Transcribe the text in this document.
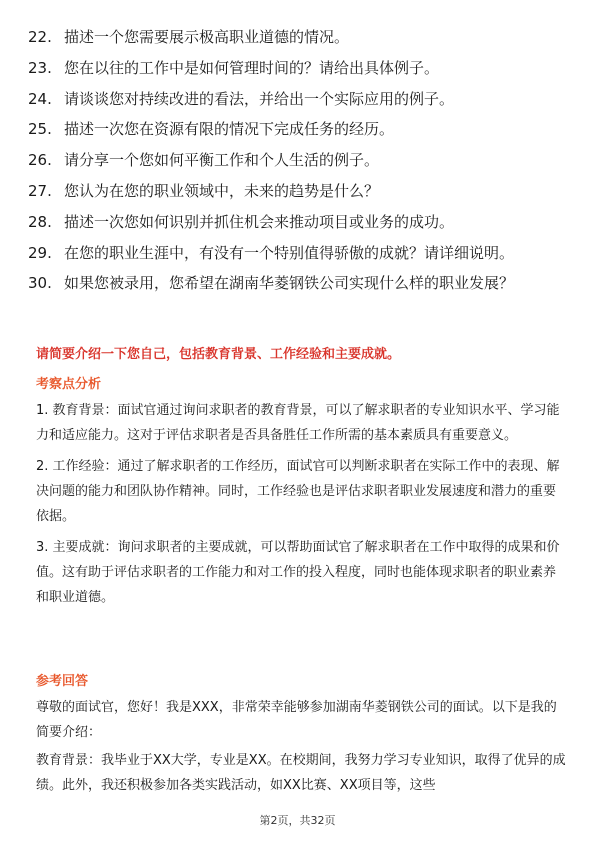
22. 描述一个您需要展示极高职业道德的情况。
23. 您在以往的工作中是如何管理时间的？请给出具体例子。
24. 请谈谈您对持续改进的看法，并给出一个实际应用的例子。
25. 描述一次您在资源有限的情况下完成任务的经历。
26. 请分享一个您如何平衡工作和个人生活的例子。
27. 您认为在您的职业领域中，未来的趋势是什么？
28. 描述一次您如何识别并抓住机会来推动项目或业务的成功。
29. 在您的职业生涯中，有没有一个特别值得骄傲的成就？请详细说明。
30. 如果您被录用，您希望在湖南华菱钢铁公司实现什么样的职业发展？
请简要介绍一下您自己，包括教育背景、工作经验和主要成就。
考察点分析

1. 教育背景：面试官通过询问求职者的教育背景，可以了解求职者的专业知识水平、学习能力和适应能力。这对于评估求职者是否具备胜任工作所需的基本素质具有重要意义。

2. 工作经验：通过了解求职者的工作经历，面试官可以判断求职者在实际工作中的表现、解决问题的能力和团队协作精神。同时，工作经验也是评估求职者职业发展速度和潜力的重要依据。

3. 主要成就：询问求职者的主要成就，可以帮助面试官了解求职者在工作中取得的成果和价值。这有助于评估求职者的工作能力和对工作的投入程度，同时也能体现求职者的职业素养和职业道德。

参考回答

尊敬的面试官，您好！我是XXX，非常荣幸能够参加湖南华菱钢铁公司的面试。以下是我的简要介绍：

教育背景：我毕业于XX大学，专业是XX。在校期间，我努力学习专业知识，取得了优异的成绩。此外，我还积极参加各类实践活动，如XX比赛、XX项目等，这些

第2页，共32页
